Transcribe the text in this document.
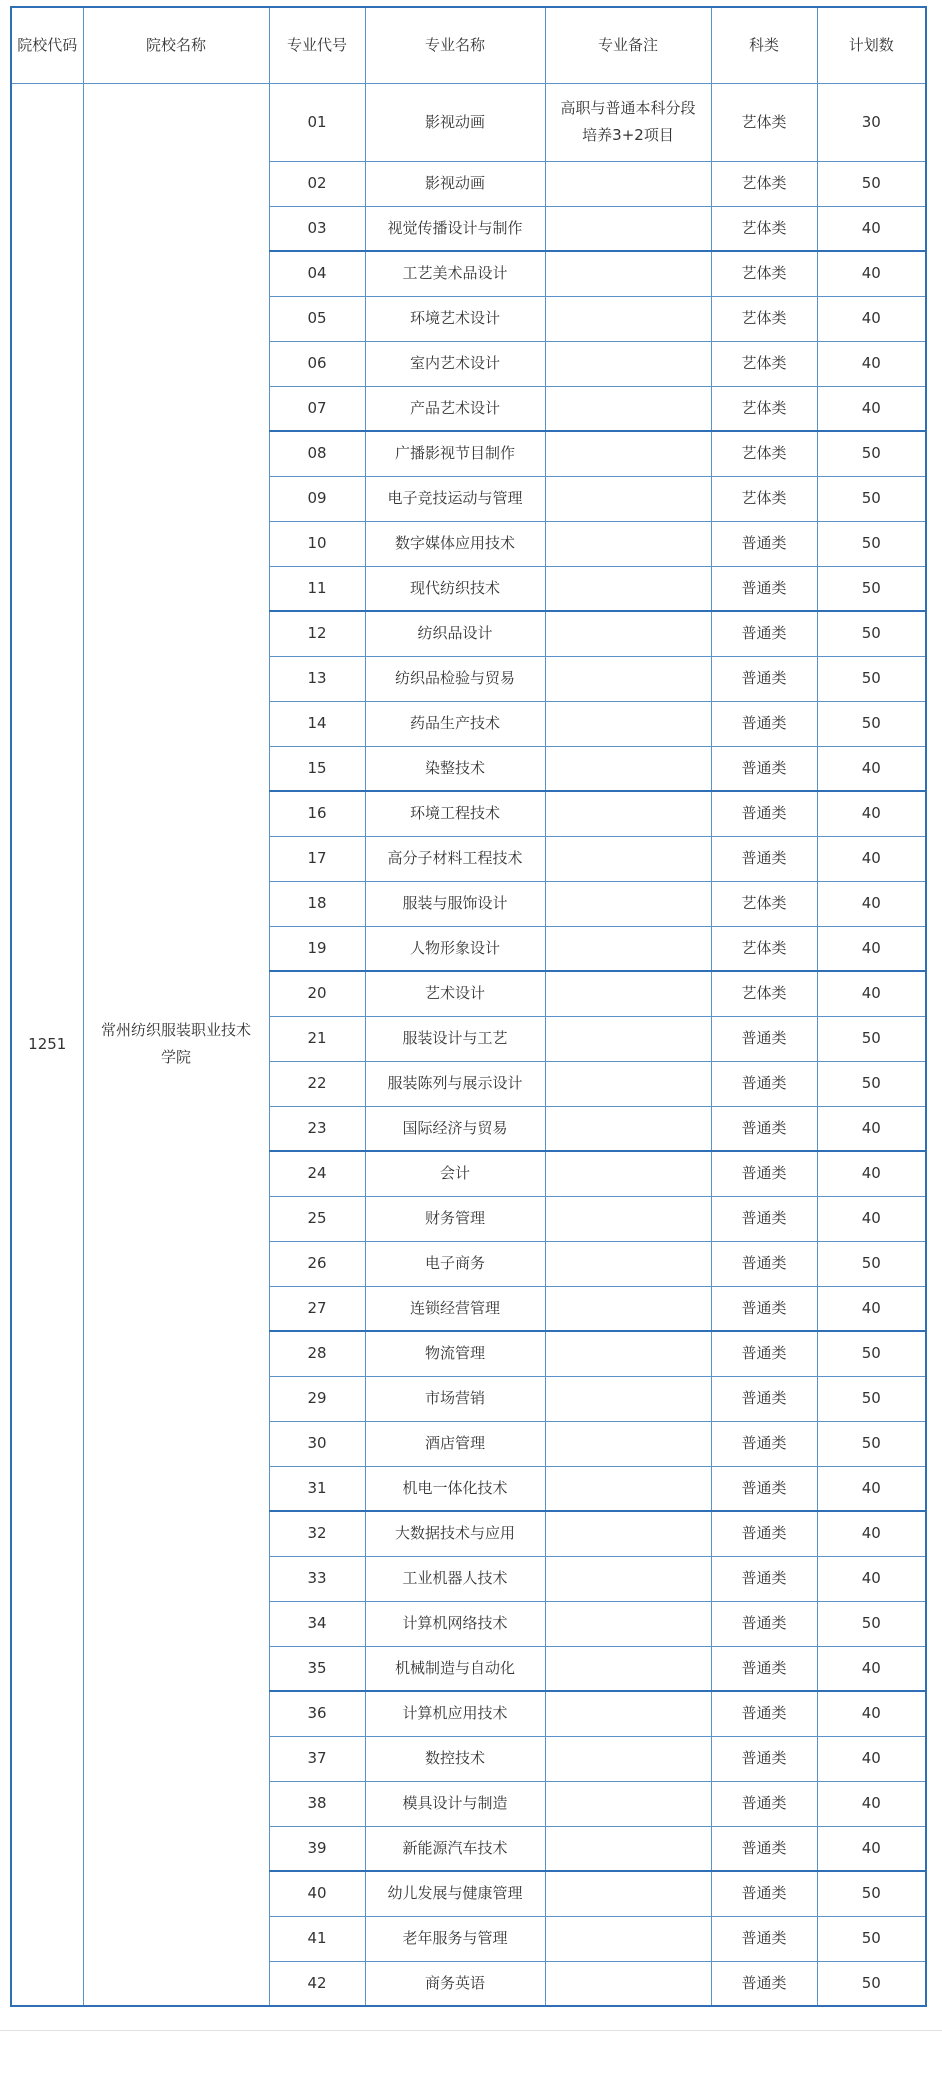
院校代码	院校名称	专业代号	专业名称	专业备注	科类	计划数
1251	常州纺织服装职业技术学院	01	影视动画	高职与普通本科分段培养3+2项目	艺体类	30
		02	影视动画		艺体类	50
		03	视觉传播设计与制作		艺体类	40
		04	工艺美术品设计		艺体类	40
		05	环境艺术设计		艺体类	40
		06	室内艺术设计		艺体类	40
		07	产品艺术设计		艺体类	40
		08	广播影视节目制作		艺体类	50
		09	电子竞技运动与管理		艺体类	50
		10	数字媒体应用技术		普通类	50
		11	现代纺织技术		普通类	50
		12	纺织品设计		普通类	50
		13	纺织品检验与贸易		普通类	50
		14	药品生产技术		普通类	50
		15	染整技术		普通类	40
		16	环境工程技术		普通类	40
		17	高分子材料工程技术		普通类	40
		18	服装与服饰设计		艺体类	40
		19	人物形象设计		艺体类	40
		20	艺术设计		艺体类	40
		21	服装设计与工艺		普通类	50
		22	服装陈列与展示设计		普通类	50
		23	国际经济与贸易		普通类	40
		24	会计		普通类	40
		25	财务管理		普通类	40
		26	电子商务		普通类	50
		27	连锁经营管理		普通类	40
		28	物流管理		普通类	50
		29	市场营销		普通类	50
		30	酒店管理		普通类	50
		31	机电一体化技术		普通类	40
		32	大数据技术与应用		普通类	40
		33	工业机器人技术		普通类	40
		34	计算机网络技术		普通类	50
		35	机械制造与自动化		普通类	40
		36	计算机应用技术		普通类	40
		37	数控技术		普通类	40
		38	模具设计与制造		普通类	40
		39	新能源汽车技术		普通类	40
		40	幼儿发展与健康管理		普通类	50
		41	老年服务与管理		普通类	50
		42	商务英语		普通类	50
